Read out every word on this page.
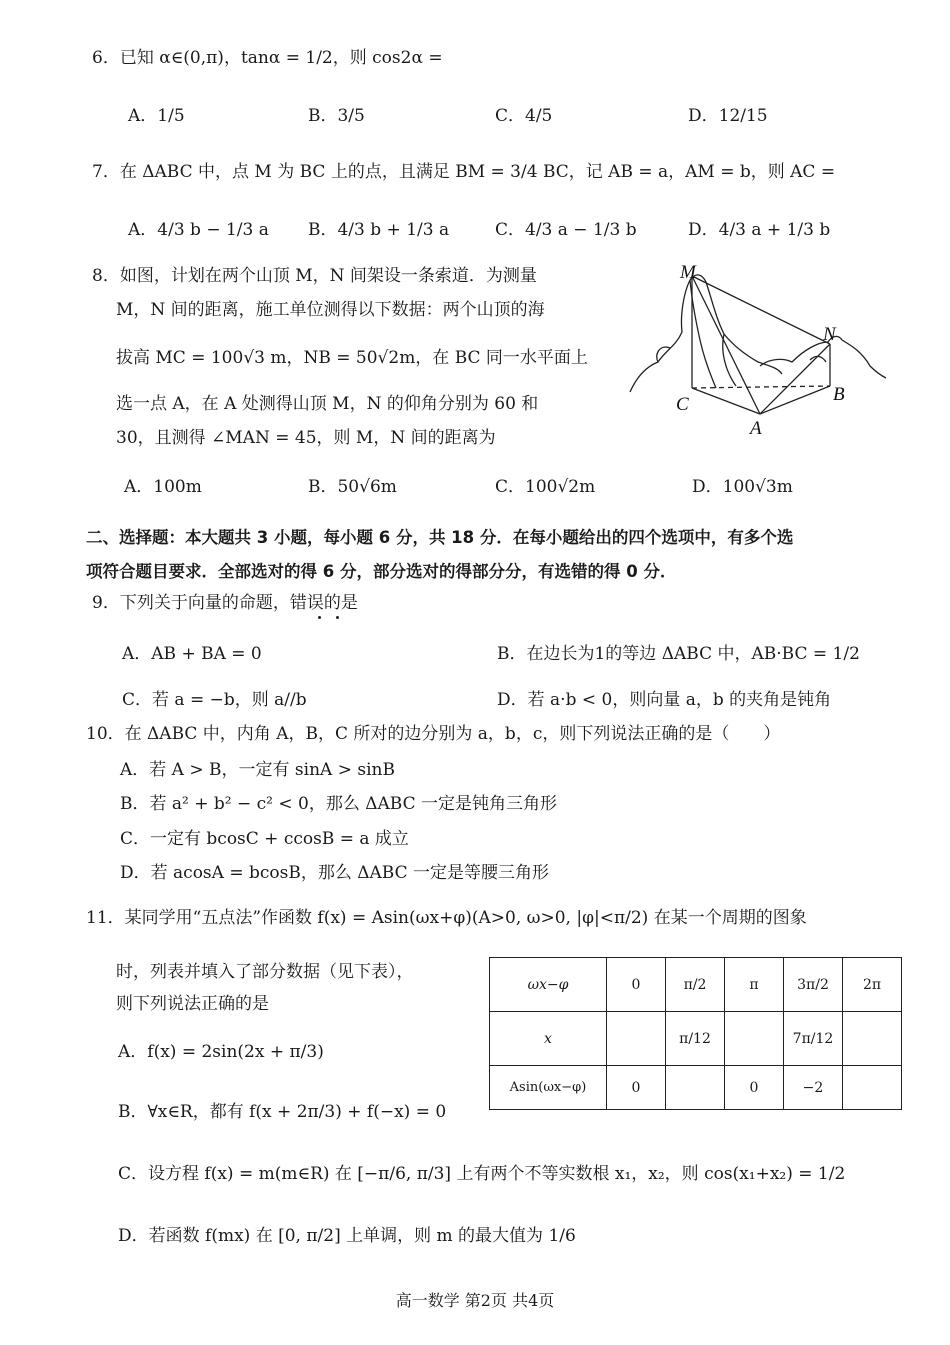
6．已知 α∈(0,π)，tanα = 1/2，则 cos2α =
A．1/5	B．3/5	C．4/5	D．12/15
7．在 ΔABC 中，点 M 为 BC 上的点，且满足 BM = 3/4 BC，记 AB = a，AM = b，则 AC =
A．4/3 b − 1/3 a B．4/3 b + 1/3 a	C．4/3 a − 1/3 b	D．4/3 a + 1/3 b
8．如图，计划在两个山顶 M，N 间架设一条索道．为测量
M，N 间的距离，施工单位测得以下数据：两个山顶的海
拔高 MC = 100√3 m，NB = 50√2m，在 BC 同一水平面上
选一点 A，在 A 处测得山顶 M，N 的仰角分别为 60 和
30，且测得 ∠MAN = 45，则 M，N 间的距离为
A．100m	B．50√6m	C．100√2m	D．100√3m
M
N
C	B
A
二、选择题：本大题共 3 小题，每小题 6 分，共 18 分．在每小题给出的四个选项中，有多个选
项符合题目要求．全部选对的得 6 分，部分选对的得部分分，有选错的得 0 分．
9．下列关于向量的命题，错误的是
A．AB + BA = 0	B．在边长为1的等边 ΔABC 中，AB·BC = 1/2
C．若 a = −b，则 a//b	D．若 a·b < 0，则向量 a，b 的夹角是钝角
10．在 ΔABC 中，内角 A，B，C 所对的边分别为 a，b，c，则下列说法正确的是（　　）
A．若 A > B，一定有 sinA > sinB
B．若 a² + b² − c² < 0，那么 ΔABC 一定是钝角三角形
C．一定有 bcosC + ccosB = a 成立
D．若 acosA = bcosB，那么 ΔABC 一定是等腰三角形
11．某同学用“五点法”作函数 f(x) = Asin(ωx+φ)(A>0, ω>0, |φ|<π/2) 在某一个周期的图象
时，列表并填入了部分数据（见下表），
则下列说法正确的是
ωx−φ	0	π/2	π	3π/2	2π
x		π/12		7π/12	
Asin(ωx−φ)	0		0	−2	
A．f(x) = 2sin(2x + π/3)
B．∀x∈R，都有 f(x + 2π/3) + f(−x) = 0
C．设方程 f(x) = m(m∈R) 在 [−π/6, π/3] 上有两个不等实数根 x₁，x₂，则 cos(x₁+x₂) = 1/2
D．若函数 f(mx) 在 [0, π/2] 上单调，则 m 的最大值为 1/6
高一数学 第2页 共4页
